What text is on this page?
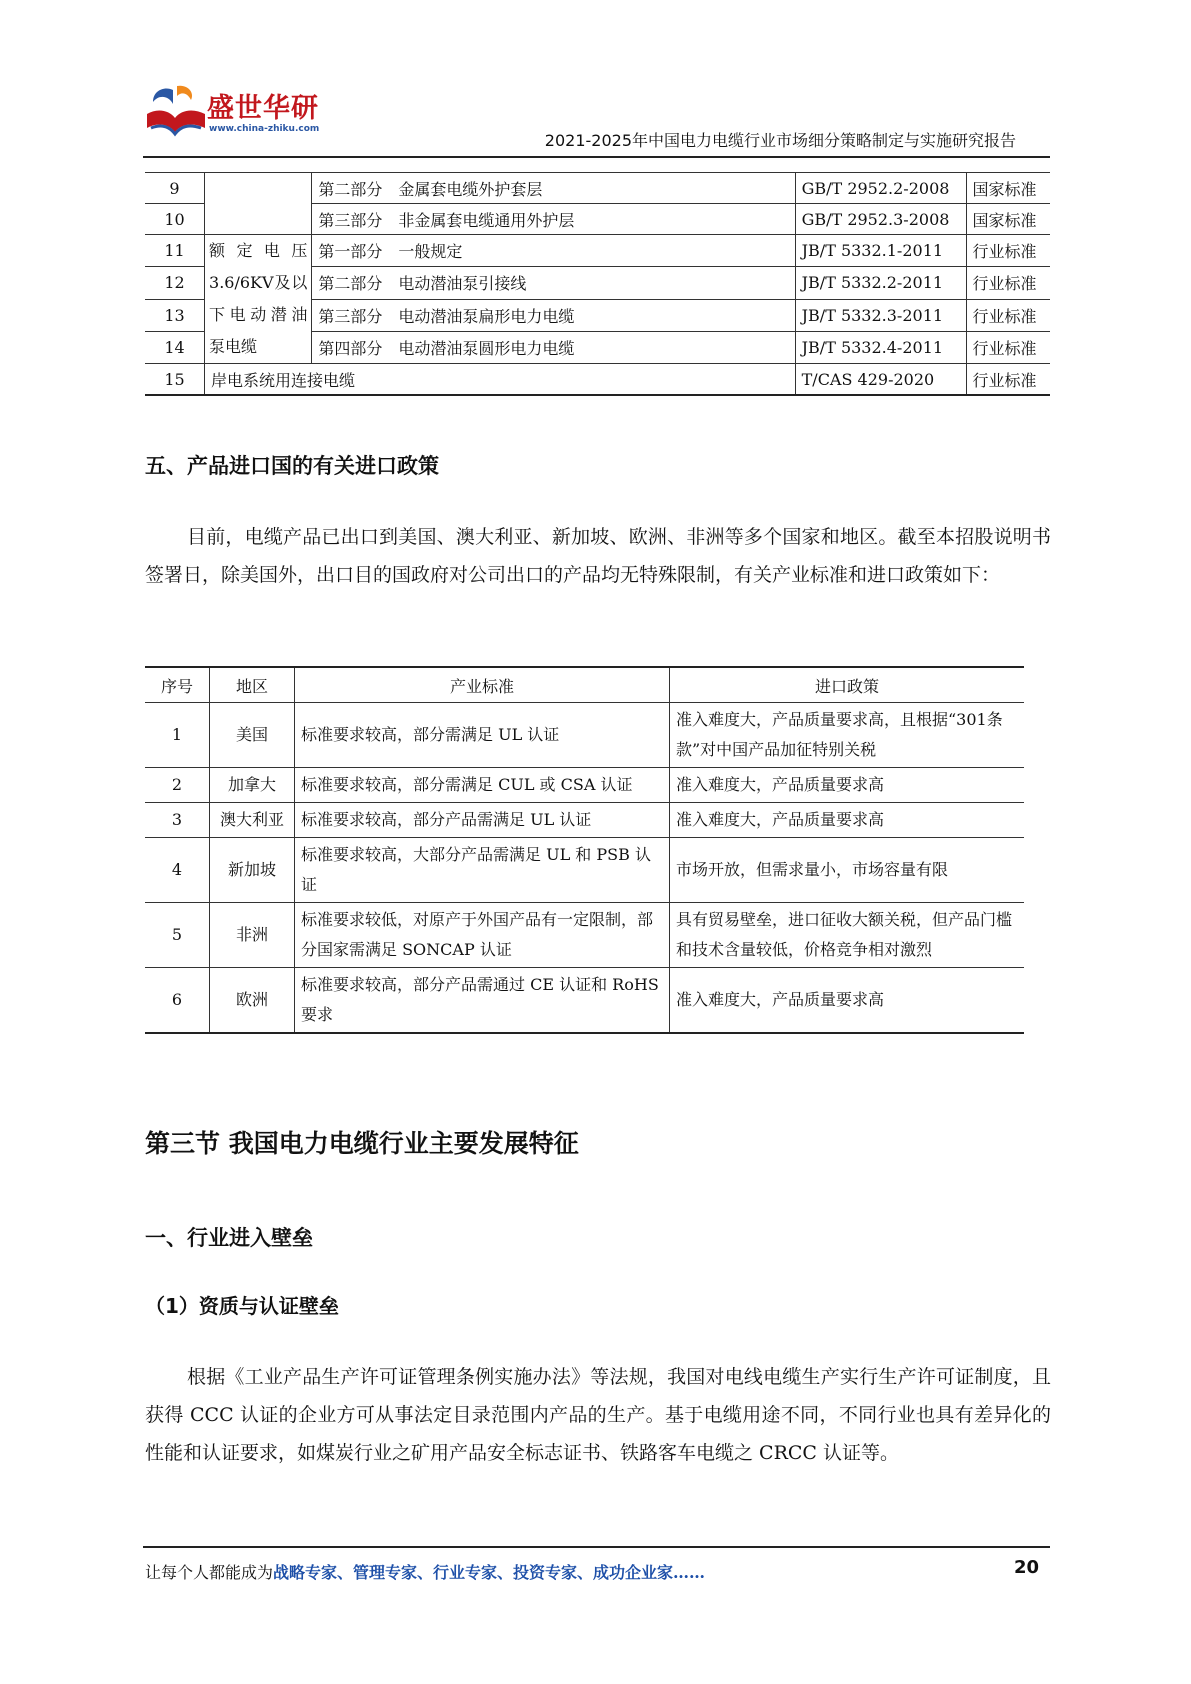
盛世华研
www.china-zhiku.com
2021-2025年中国电力电缆行业市场细分策略制定与实施研究报告
9		第二部分　金属套电缆外护套层	GB/T 2952.2-2008	国家标准
10		第三部分　非金属套电缆通用外护层	GB/T 2952.3-2008	国家标准
11	额定电压
3.6/6KV及以
下电动潜油
泵电缆	第一部分　一般规定	JB/T 5332.1-2011	行业标准
12		第二部分　电动潜油泵引接线	JB/T 5332.2-2011	行业标准
13		第三部分　电动潜油泵扁形电力电缆	JB/T 5332.3-2011	行业标准
14		第四部分　电动潜油泵圆形电力电缆	JB/T 5332.4-2011	行业标准
15	岸电系统用连接电缆		T/CAS 429-2020	行业标准
五、产品进口国的有关进口政策
目前，电缆产品已出口到美国、澳大利亚、新加坡、欧洲、非洲等多个国家和地区。截至本招股说明书签署日，除美国外，出口目的国政府对公司出口的产品均无特殊限制，有关产业标准和进口政策如下：
序号	地区	产业标准	进口政策
1	美国	标准要求较高，部分需满足 UL 认证	准入难度大，产品质量要求高，且根据“301条款”对中国产品加征特别关税
2	加拿大	标准要求较高，部分需满足 CUL 或 CSA 认证	准入难度大，产品质量要求高
3	澳大利亚	标准要求较高，部分产品需满足 UL 认证	准入难度大，产品质量要求高
4	新加坡	标准要求较高，大部分产品需满足 UL 和 PSB 认证	市场开放，但需求量小，市场容量有限
5	非洲	标准要求较低，对原产于外国产品有一定限制，部分国家需满足 SONCAP 认证	具有贸易壁垒，进口征收大额关税，但产品门槛和技术含量较低，价格竞争相对激烈
6	欧洲	标准要求较高，部分产品需通过 CE 认证和 RoHS 要求	准入难度大，产品质量要求高
第三节 我国电力电缆行业主要发展特征
一、行业进入壁垒
（1）资质与认证壁垒
根据《工业产品生产许可证管理条例实施办法》等法规，我国对电线电缆生产实行生产许可证制度，且获得 CCC 认证的企业方可从事法定目录范围内产品的生产。基于电缆用途不同，不同行业也具有差异化的性能和认证要求，如煤炭行业之矿用产品安全标志证书、铁路客车电缆之 CRCC 认证等。
让每个人都能成为战略专家、管理专家、行业专家、投资专家、成功企业家……	20
